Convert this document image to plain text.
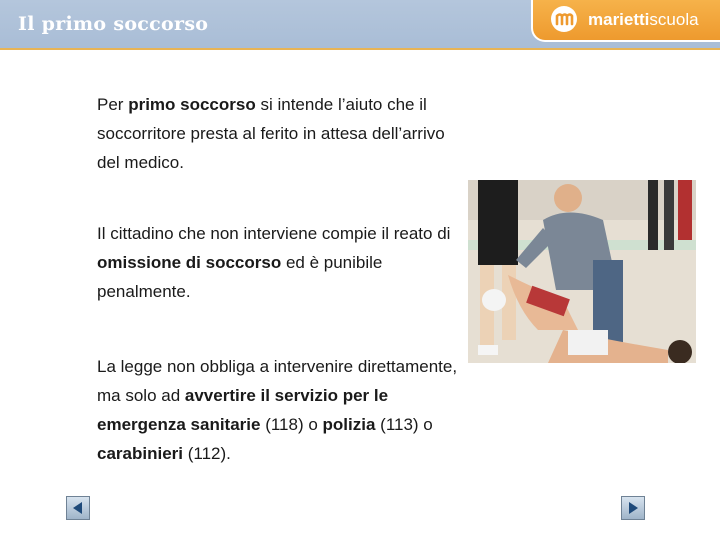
Il primo soccorso	mariettiscuola
Per primo soccorso si intende l’aiuto che il soccorritore presta al ferito in attesa dell’arrivo del medico.
Il cittadino che non interviene compie il reato di omissione di soccorso ed è punibile penalmente.
La legge non obbliga a intervenire direttamente, ma solo ad avvertire il servizio per le emergenza sanitarie (118) o polizia (113) o carabinieri (112).
